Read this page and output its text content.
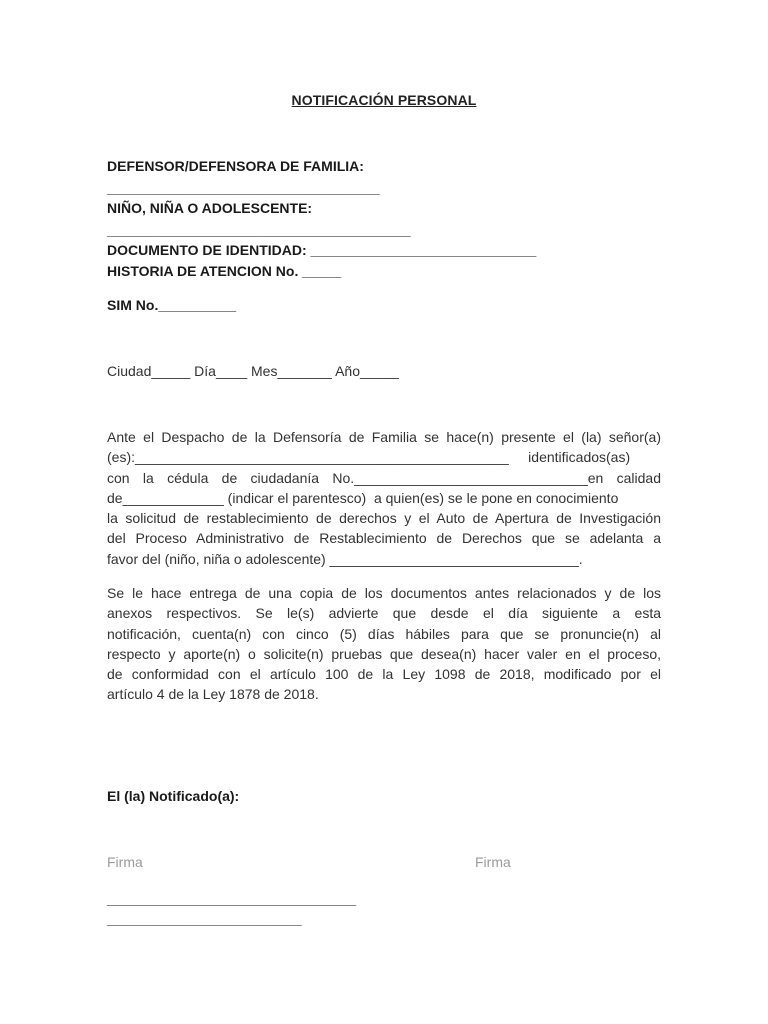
NOTIFICACIÓN PERSONAL
DEFENSOR/DEFENSORA DE FAMILIA:
___________________________________
NIÑO, NIÑA O ADOLESCENTE:
_______________________________________
DOCUMENTO DE IDENTIDAD: _____________________________
HISTORIA DE ATENCION No. _____
SIM No.__________
Ciudad_____ Día____ Mes_______ Año_____
Ante el Despacho de la Defensoría de Familia se hace(n) presente el (la) señor(a)
(es):________________________________________________     identificados(as)
con la cédula de ciudadanía No.______________________________en calidad
de_____________ (indicar el parentesco)  a quien(es) se le pone en conocimiento
la solicitud de restablecimiento de derechos y el Auto de Apertura de Investigación
del Proceso Administrativo de Restablecimiento de Derechos que se adelanta a
favor del (niño, niña o adolescente) ________________________________.
Se le hace entrega de una copia de los documentos antes relacionados y de los
anexos respectivos. Se le(s) advierte que desde el día siguiente a esta
notificación, cuenta(n) con cinco (5) días hábiles para que se pronuncie(n) al
respecto y aporte(n) o solicite(n) pruebas que desea(n) hacer valer en el proceso,
de conformidad con el artículo 100 de la Ley 1098 de 2018, modificado por el
artículo 4 de la Ley 1878 de 2018.
El (la) Notificado(a):
Firma	Firma
________________________________
_________________________
